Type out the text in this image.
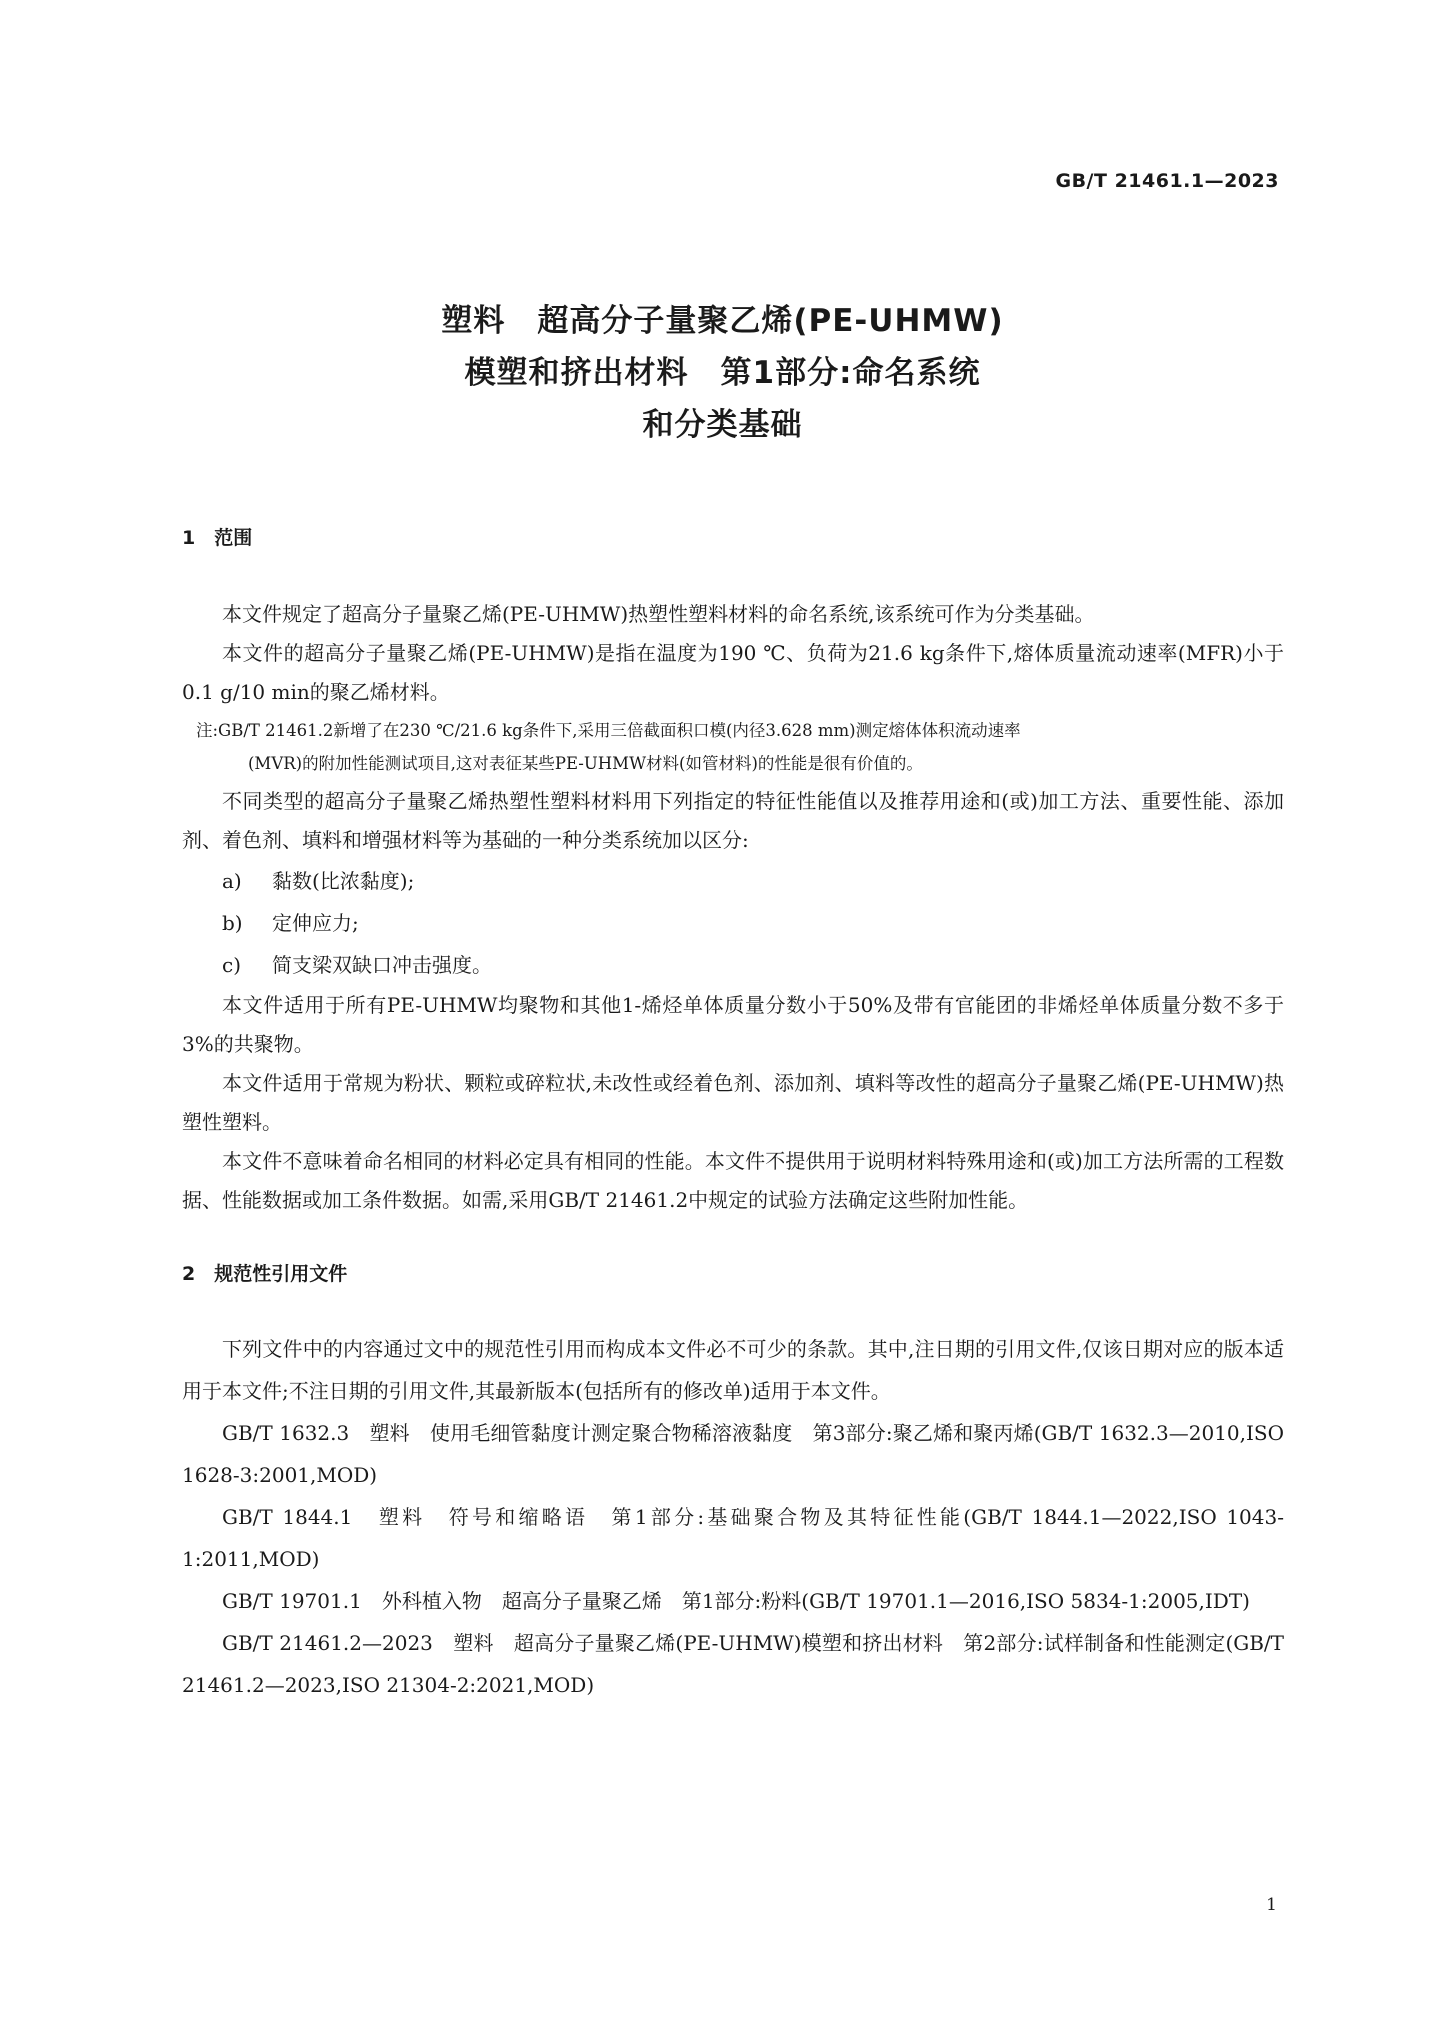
GB/T 21461.1—2023
塑料　超高分子量聚乙烯(PE-UHMW)
模塑和挤出材料　第1部分:命名系统
和分类基础
1　范围

本文件规定了超高分子量聚乙烯(PE-UHMW)热塑性塑料材料的命名系统,该系统可作为分类基础。

本文件的超高分子量聚乙烯(PE-UHMW)是指在温度为190 ℃、负荷为21.6 kg条件下,熔体质量流动速率(MFR)小于0.1 g/10 min的聚乙烯材料。

注:GB/T 21461.2新增了在230 ℃/21.6 kg条件下,采用三倍截面积口模(内径3.628 mm)测定熔体体积流动速率
(MVR)的附加性能测试项目,这对表征某些PE-UHMW材料(如管材料)的性能是很有价值的。

不同类型的超高分子量聚乙烯热塑性塑料材料用下列指定的特征性能值以及推荐用途和(或)加工方法、重要性能、添加剂、着色剂、填料和增强材料等为基础的一种分类系统加以区分:

a) 黏数(比浓黏度);
b) 定伸应力;
c) 简支梁双缺口冲击强度。

本文件适用于所有PE-UHMW均聚物和其他1-烯烃单体质量分数小于50%及带有官能团的非烯烃单体质量分数不多于3%的共聚物。

本文件适用于常规为粉状、颗粒或碎粒状,未改性或经着色剂、添加剂、填料等改性的超高分子量聚乙烯(PE-UHMW)热塑性塑料。

本文件不意味着命名相同的材料必定具有相同的性能。本文件不提供用于说明材料特殊用途和(或)加工方法所需的工程数据、性能数据或加工条件数据。如需,采用GB/T 21461.2中规定的试验方法确定这些附加性能。

2　规范性引用文件

下列文件中的内容通过文中的规范性引用而构成本文件必不可少的条款。其中,注日期的引用文件,仅该日期对应的版本适用于本文件;不注日期的引用文件,其最新版本(包括所有的修改单)适用于本文件。

GB/T 1632.3　塑料　使用毛细管黏度计测定聚合物稀溶液黏度　第3部分:聚乙烯和聚丙烯(GB/T 1632.3—2010,ISO 1628-3:2001,MOD)

GB/T 1844.1　塑料　符号和缩略语　第1部分:基础聚合物及其特征性能(GB/T 1844.1—2022,ISO 1043-1:2011,MOD)

GB/T 19701.1　外科植入物　超高分子量聚乙烯　第1部分:粉料(GB/T 19701.1—2016,ISO 5834-1:2005,IDT)

GB/T 21461.2—2023　塑料　超高分子量聚乙烯(PE-UHMW)模塑和挤出材料　第2部分:试样制备和性能测定(GB/T 21461.2—2023,ISO 21304-2:2021,MOD)

1
